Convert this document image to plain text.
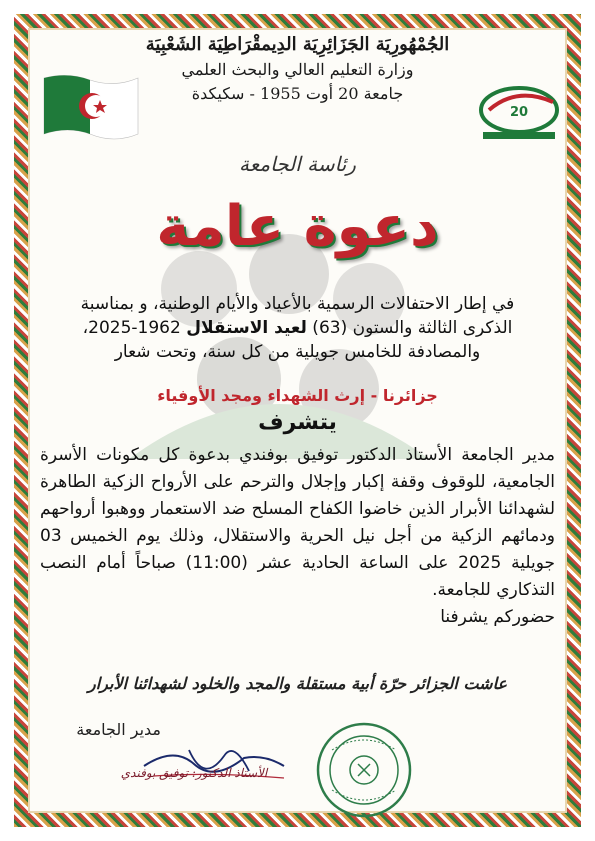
الجُمْهُورِيَة الجَزَائِرِيَة الدِيمقْرَاطِيَة الشَعْبِيَة
وزارة التعليم العالي والبحث العلمي
جامعة 20 أوت 1955 - سكيكدة
20
رئاسة الجامعة
دعوة عامة
في إطار الاحتفالات الرسمية بالأعياد والأيام الوطنية، و بمناسبة
الذكرى الثالثة والستون (63) لعيد الاستقلال 1962-2025،
والمصادفة للخامس جويلية من كل سنة، وتحت شعار
جزائرنا - إرث الشهداء ومجد الأوفياء
يتشرف
مدير الجامعة الأستاذ الدكتور توفيق بوفندي بدعوة كل مكونات الأسرة الجامعية، للوقوف وقفة إكبار وإجلال والترحم على الأرواح الزكية الطاهرة لشهدائنا الأبرار الذين خاضوا الكفاح المسلح ضد الاستعمار ووهبوا أرواحهم ودمائهم الزكية من أجل نيل الحرية والاستقلال، وذلك يوم الخميس 03 جويلية 2025 على الساعة الحادية عشر (11:00) صباحاً أمام النصب التذكاري للجامعة.
حضوركم يشرفنا
عاشت الجزائر حرّة أبية مستقلة والمجد والخلود لشهدائنا الأبرار
مدير الجامعة
الأستاذ الدكتور: توفيق بوفندي
